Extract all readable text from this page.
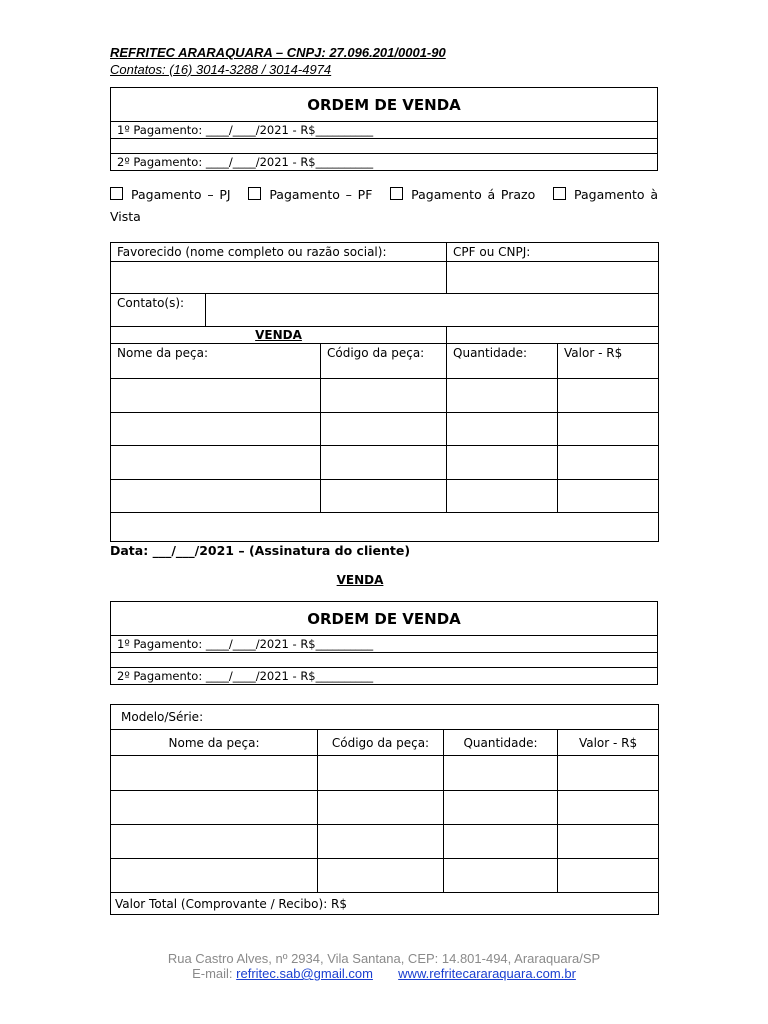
REFRITEC ARARAQUARA – CNPJ: 27.096.201/0001-90
Contatos: (16) 3014-3288 / 3014-4974
ORDEM DE VENDA
1º Pagamento: ____/____/2021 - R$__________

2º Pagamento: ____/____/2021 - R$__________
Pagamento – PJ	Pagamento – PF	Pagamento á Prazo	Pagamento à Vista
Favorecido (nome completo ou razão social):			CPF ou CNPJ:	

Contato(s):				
VENDA				
Nome da peça:		Código da peça:	Quantidade:	Valor - R$

Data: ___/___/2021 – (Assinatura do cliente)
VENDA
ORDEM DE VENDA
1º Pagamento: ____/____/2021 - R$__________

2º Pagamento: ____/____/2021 - R$__________
Modelo/Série:			
Nome da peça:	Código da peça:	Quantidade:	Valor - R$

Valor Total (Comprovante / Recibo): R$			
Rua Castro Alves, nº 2934, Vila Santana, CEP: 14.801-494, Araraquara/SP
E-mail: refritec.sab@gmail.com www.refritecararaquara.com.br
